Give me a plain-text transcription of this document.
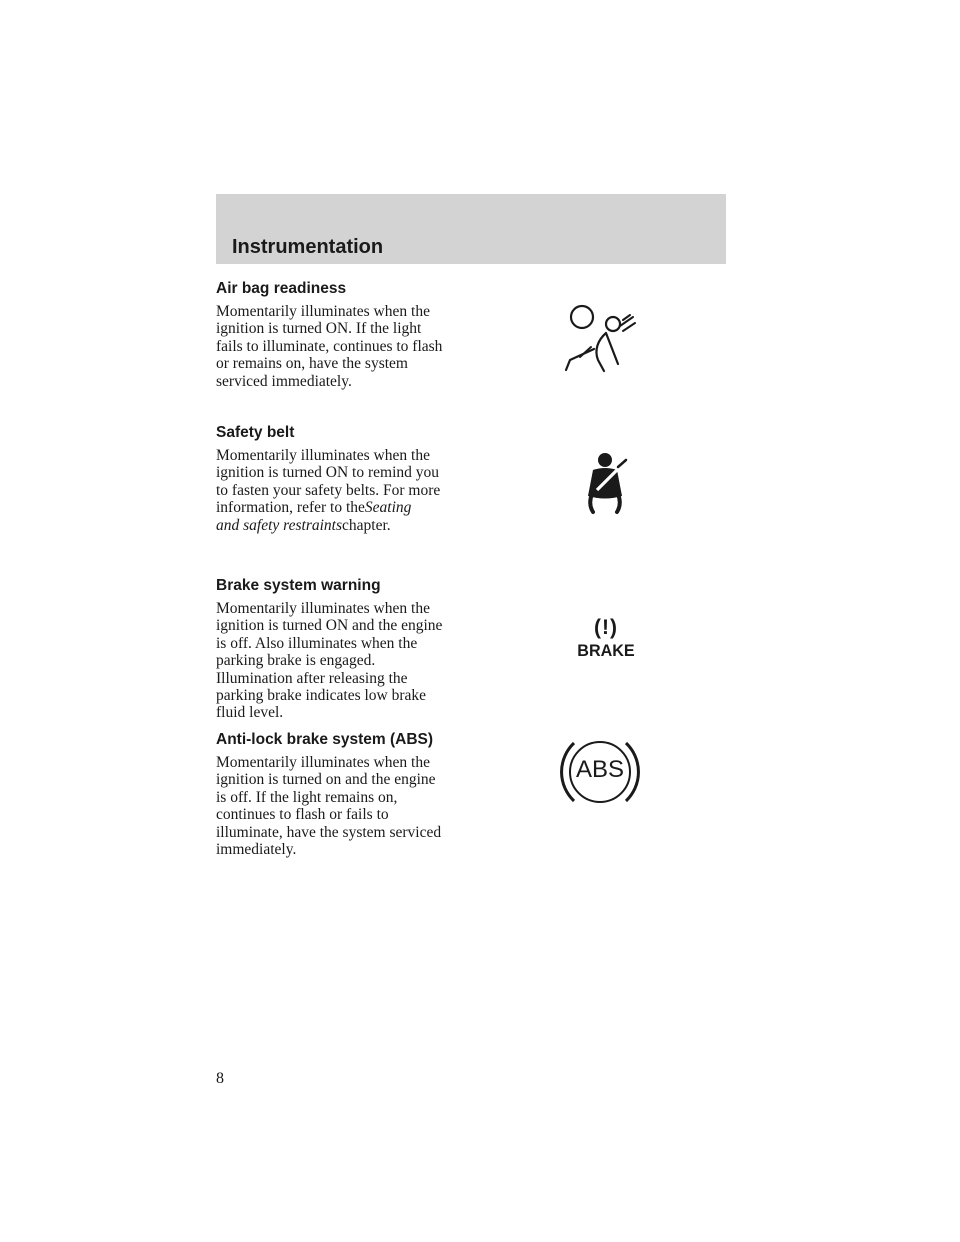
Instrumentation
Air bag readiness
Momentarily illuminates when the
ignition is turned ON. If the light
fails to illuminate, continues to flash
or remains on, have the system
serviced immediately.
Safety belt
Momentarily illuminates when the
ignition is turned ON to remind you
to fasten your safety belts. For more
information, refer to theSeating
and safety restraintschapter.
Brake system warning
Momentarily illuminates when the
ignition is turned ON and the engine
is off. Also illuminates when the
parking brake is engaged.
Illumination after releasing the
parking brake indicates low brake
fluid level.
(!)
BRAKE
Anti-lock brake system (ABS)
Momentarily illuminates when the
ignition is turned on and the engine
is off. If the light remains on,
continues to flash or fails to
illuminate, have the system serviced
immediately.
ABS
8
